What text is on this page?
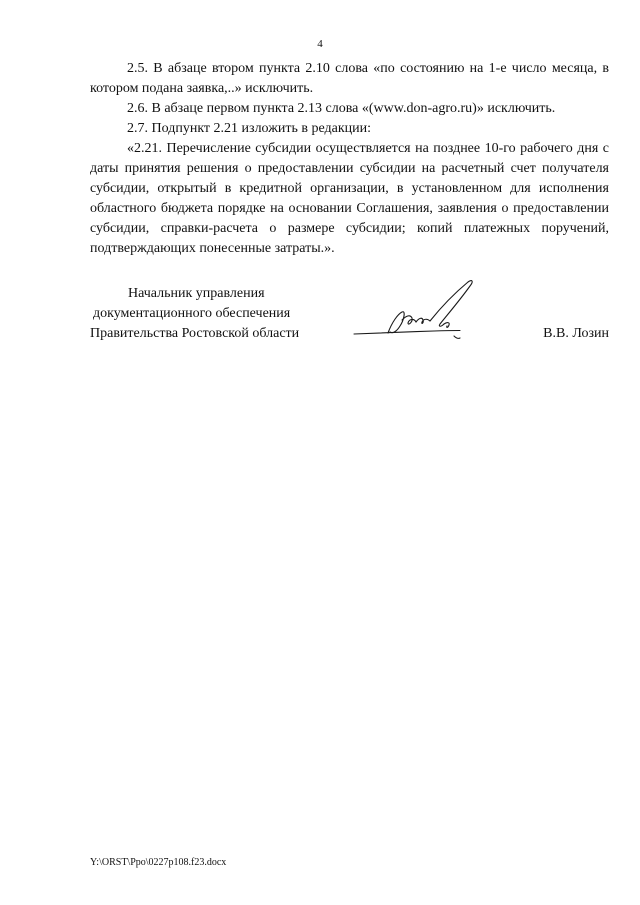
4

2.5. В абзаце втором пункта 2.10 слова «по состоянию на 1-е число месяца, в котором подана заявка,..» исключить.

2.6. В абзаце первом пункта 2.13 слова «(www.don-agro.ru)» исключить.

2.7. Подпункт 2.21 изложить в редакции:

«2.21. Перечисление субсидии осуществляется на позднее 10-го рабочего дня с даты принятия решения о предоставлении субсидии на расчетный счет получателя субсидии, открытый в кредитной организации, в установленном для исполнения областного бюджета порядке на основании Соглашения, заявления о предоставлении субсидии, справки-расчета о размере субсидии; копий платежных поручений, подтверждающих понесенные затраты.».

Начальник управления
документационного обеспечения
Правительства Ростовской области	В.В. Лозин
Y:\ORST\Ppo\0227p108.f23.docx
